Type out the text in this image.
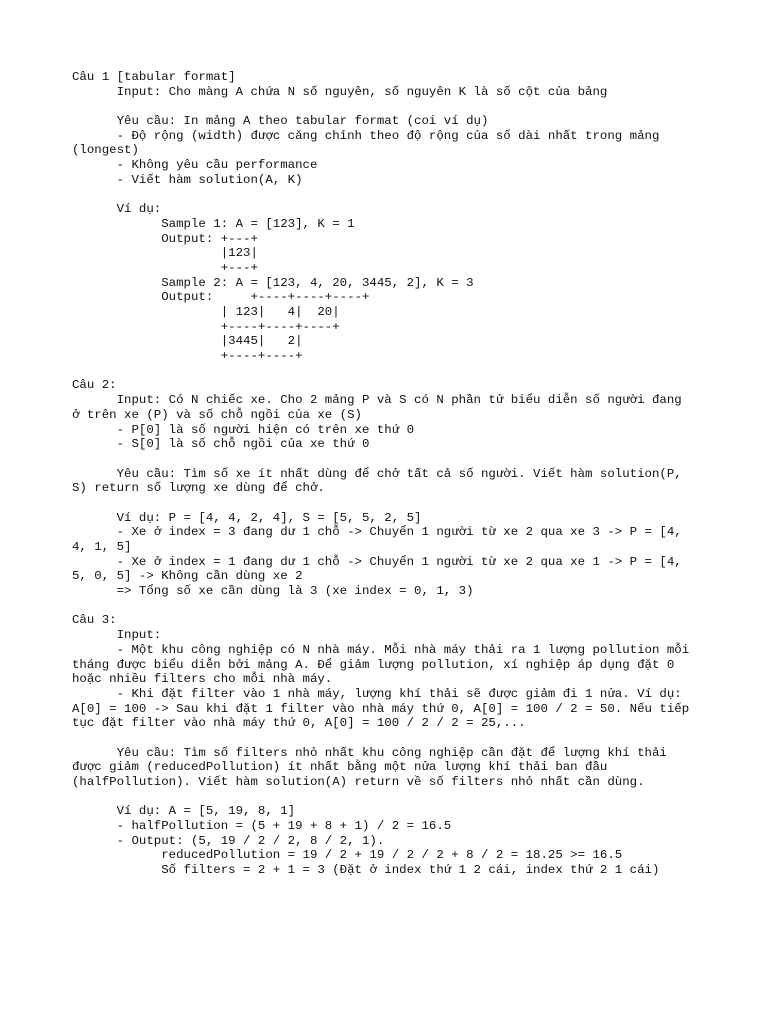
Câu 1 [tabular format]
Input: Cho màng A chứa N số nguyên, số nguyên K là số cột của bảng
Yêu cầu: In mảng A theo tabular format (coi ví dụ)
- Độ rộng (width) được căng chỉnh theo độ rộng của số dài nhất trong mảng
(longest)
- Không yêu cầu performance
- Viết hàm solution(A, K)
Ví dụ:
Sample 1: A = [123], K = 1
Output: +---+
|123|
+---+
Sample 2: A = [123, 4, 20, 3445, 2], K = 3
Output:     +----+----+----+
| 123|   4|  20|
+----+----+----+
|3445|   2|
+----+----+
Câu 2:
Input: Có N chiếc xe. Cho 2 mảng P và S có N phần tử biểu diễn số người đang
ở trên xe (P) và số chỗ ngồi của xe (S)
- P[0] là số người hiện có trên xe thứ 0
- S[0] là số chỗ ngồi của xe thứ 0
Yêu cầu: Tìm số xe ít nhất dùng để chở tất cả số người. Viết hàm solution(P,
S) return số lượng xe dùng để chở.
Ví dụ: P = [4, 4, 2, 4], S = [5, 5, 2, 5]
- Xe ở index = 3 đang dư 1 chỗ -> Chuyển 1 người từ xe 2 qua xe 3 -> P = [4,
4, 1, 5]
- Xe ở index = 1 đang dư 1 chỗ -> Chuyển 1 người từ xe 2 qua xe 1 -> P = [4,
5, 0, 5] -> Không cần dùng xe 2
=> Tổng số xe cần dùng là 3 (xe index = 0, 1, 3)
Câu 3:
Input:
- Một khu công nghiệp có N nhà máy. Mỗi nhà máy thải ra 1 lượng pollution mỗi
tháng được biểu diễn bởi mảng A. Để giảm lượng pollution, xí nghiệp áp dụng đặt 0
hoặc nhiều filters cho mỗi nhà máy.
- Khi đặt filter vào 1 nhà máy, lượng khí thải sẽ được giảm đi 1 nửa. Ví dụ:
A[0] = 100 -> Sau khi đặt 1 filter vào nhà máy thứ 0, A[0] = 100 / 2 = 50. Nếu tiếp
tục đặt filter vào nhà máy thứ 0, A[0] = 100 / 2 / 2 = 25,...
Yêu cầu: Tìm số filters nhỏ nhất khu công nghiệp cần đặt để lượng khí thải
được giảm (reducedPollution) ít nhất bằng một nửa lượng khí thải ban đầu
(halfPollution). Viết hàm solution(A) return về số filters nhỏ nhất cần dùng.
Ví dụ: A = [5, 19, 8, 1]
- halfPollution = (5 + 19 + 8 + 1) / 2 = 16.5
- Output: (5, 19 / 2 / 2, 8 / 2, 1).
reducedPollution = 19 / 2 + 19 / 2 / 2 + 8 / 2 = 18.25 >= 16.5
Số filters = 2 + 1 = 3 (Đặt ở index thứ 1 2 cái, index thứ 2 1 cái)
